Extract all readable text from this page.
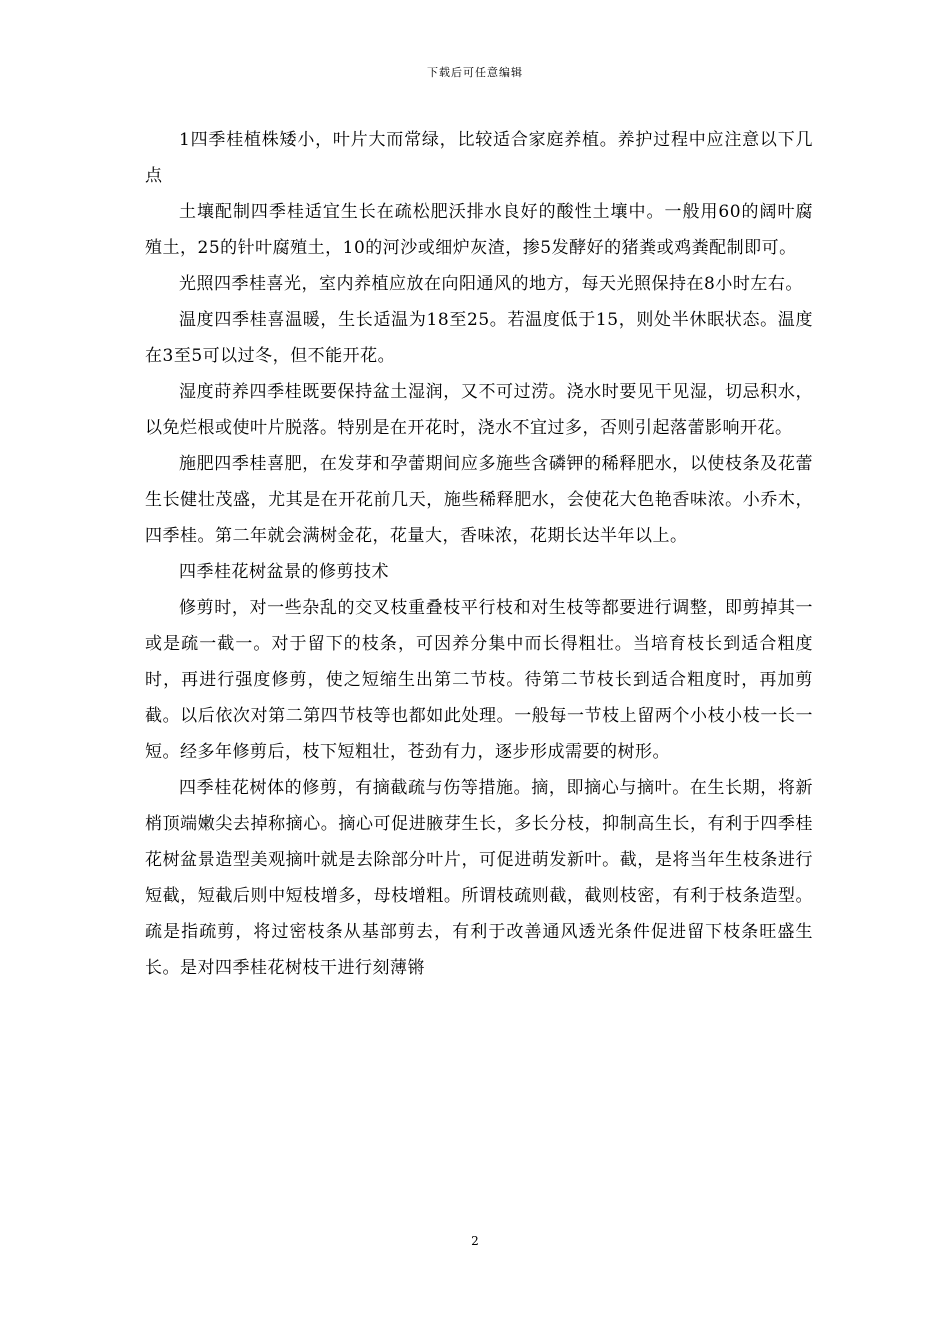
下载后可任意编辑

1四季桂植株矮小，叶片大而常绿，比较适合家庭养植。养护过程中应注意以下几点

土壤配制四季桂适宜生长在疏松肥沃排水良好的酸性土壤中。一般用60的阔叶腐殖土，25的针叶腐殖土，10的河沙或细炉灰渣，掺5发酵好的猪粪或鸡粪配制即可。

光照四季桂喜光，室内养植应放在向阳通风的地方，每天光照保持在8小时左右。

温度四季桂喜温暖，生长适温为18至25。若温度低于15，则处半休眠状态。温度在3至5可以过冬，但不能开花。

湿度莳养四季桂既要保持盆土湿润，又不可过涝。浇水时要见干见湿，切忌积水，以免烂根或使叶片脱落。特别是在开花时，浇水不宜过多，否则引起落蕾影响开花。

施肥四季桂喜肥，在发芽和孕蕾期间应多施些含磷钾的稀释肥水，以使枝条及花蕾生长健壮茂盛，尤其是在开花前几天，施些稀释肥水，会使花大色艳香味浓。小乔木，四季桂。第二年就会满树金花，花量大，香味浓，花期长达半年以上。

四季桂花树盆景的修剪技术

修剪时，对一些杂乱的交叉枝重叠枝平行枝和对生枝等都要进行调整，即剪掉其一或是疏一截一。对于留下的枝条，可因养分集中而长得粗壮。当培育枝长到适合粗度时，再进行强度修剪，使之短缩生出第二节枝。待第二节枝长到适合粗度时，再加剪截。以后依次对第二第四节枝等也都如此处理。一般每一节枝上留两个小枝小枝一长一短。经多年修剪后，枝下短粗壮，苍劲有力，逐步形成需要的树形。

四季桂花树体的修剪，有摘截疏与伤等措施。摘，即摘心与摘叶。在生长期，将新梢顶端嫩尖去掉称摘心。摘心可促进腋芽生长，多长分枝，抑制高生长，有利于四季桂花树盆景造型美观摘叶就是去除部分叶片，可促进萌发新叶。截，是将当年生枝条进行短截，短截后则中短枝增多，母枝增粗。所谓枝疏则截，截则枝密，有利于枝条造型。疏是指疏剪，将过密枝条从基部剪去，有利于改善通风透光条件促进留下枝条旺盛生长。是对四季桂花树枝干进行刻薄锵

2
